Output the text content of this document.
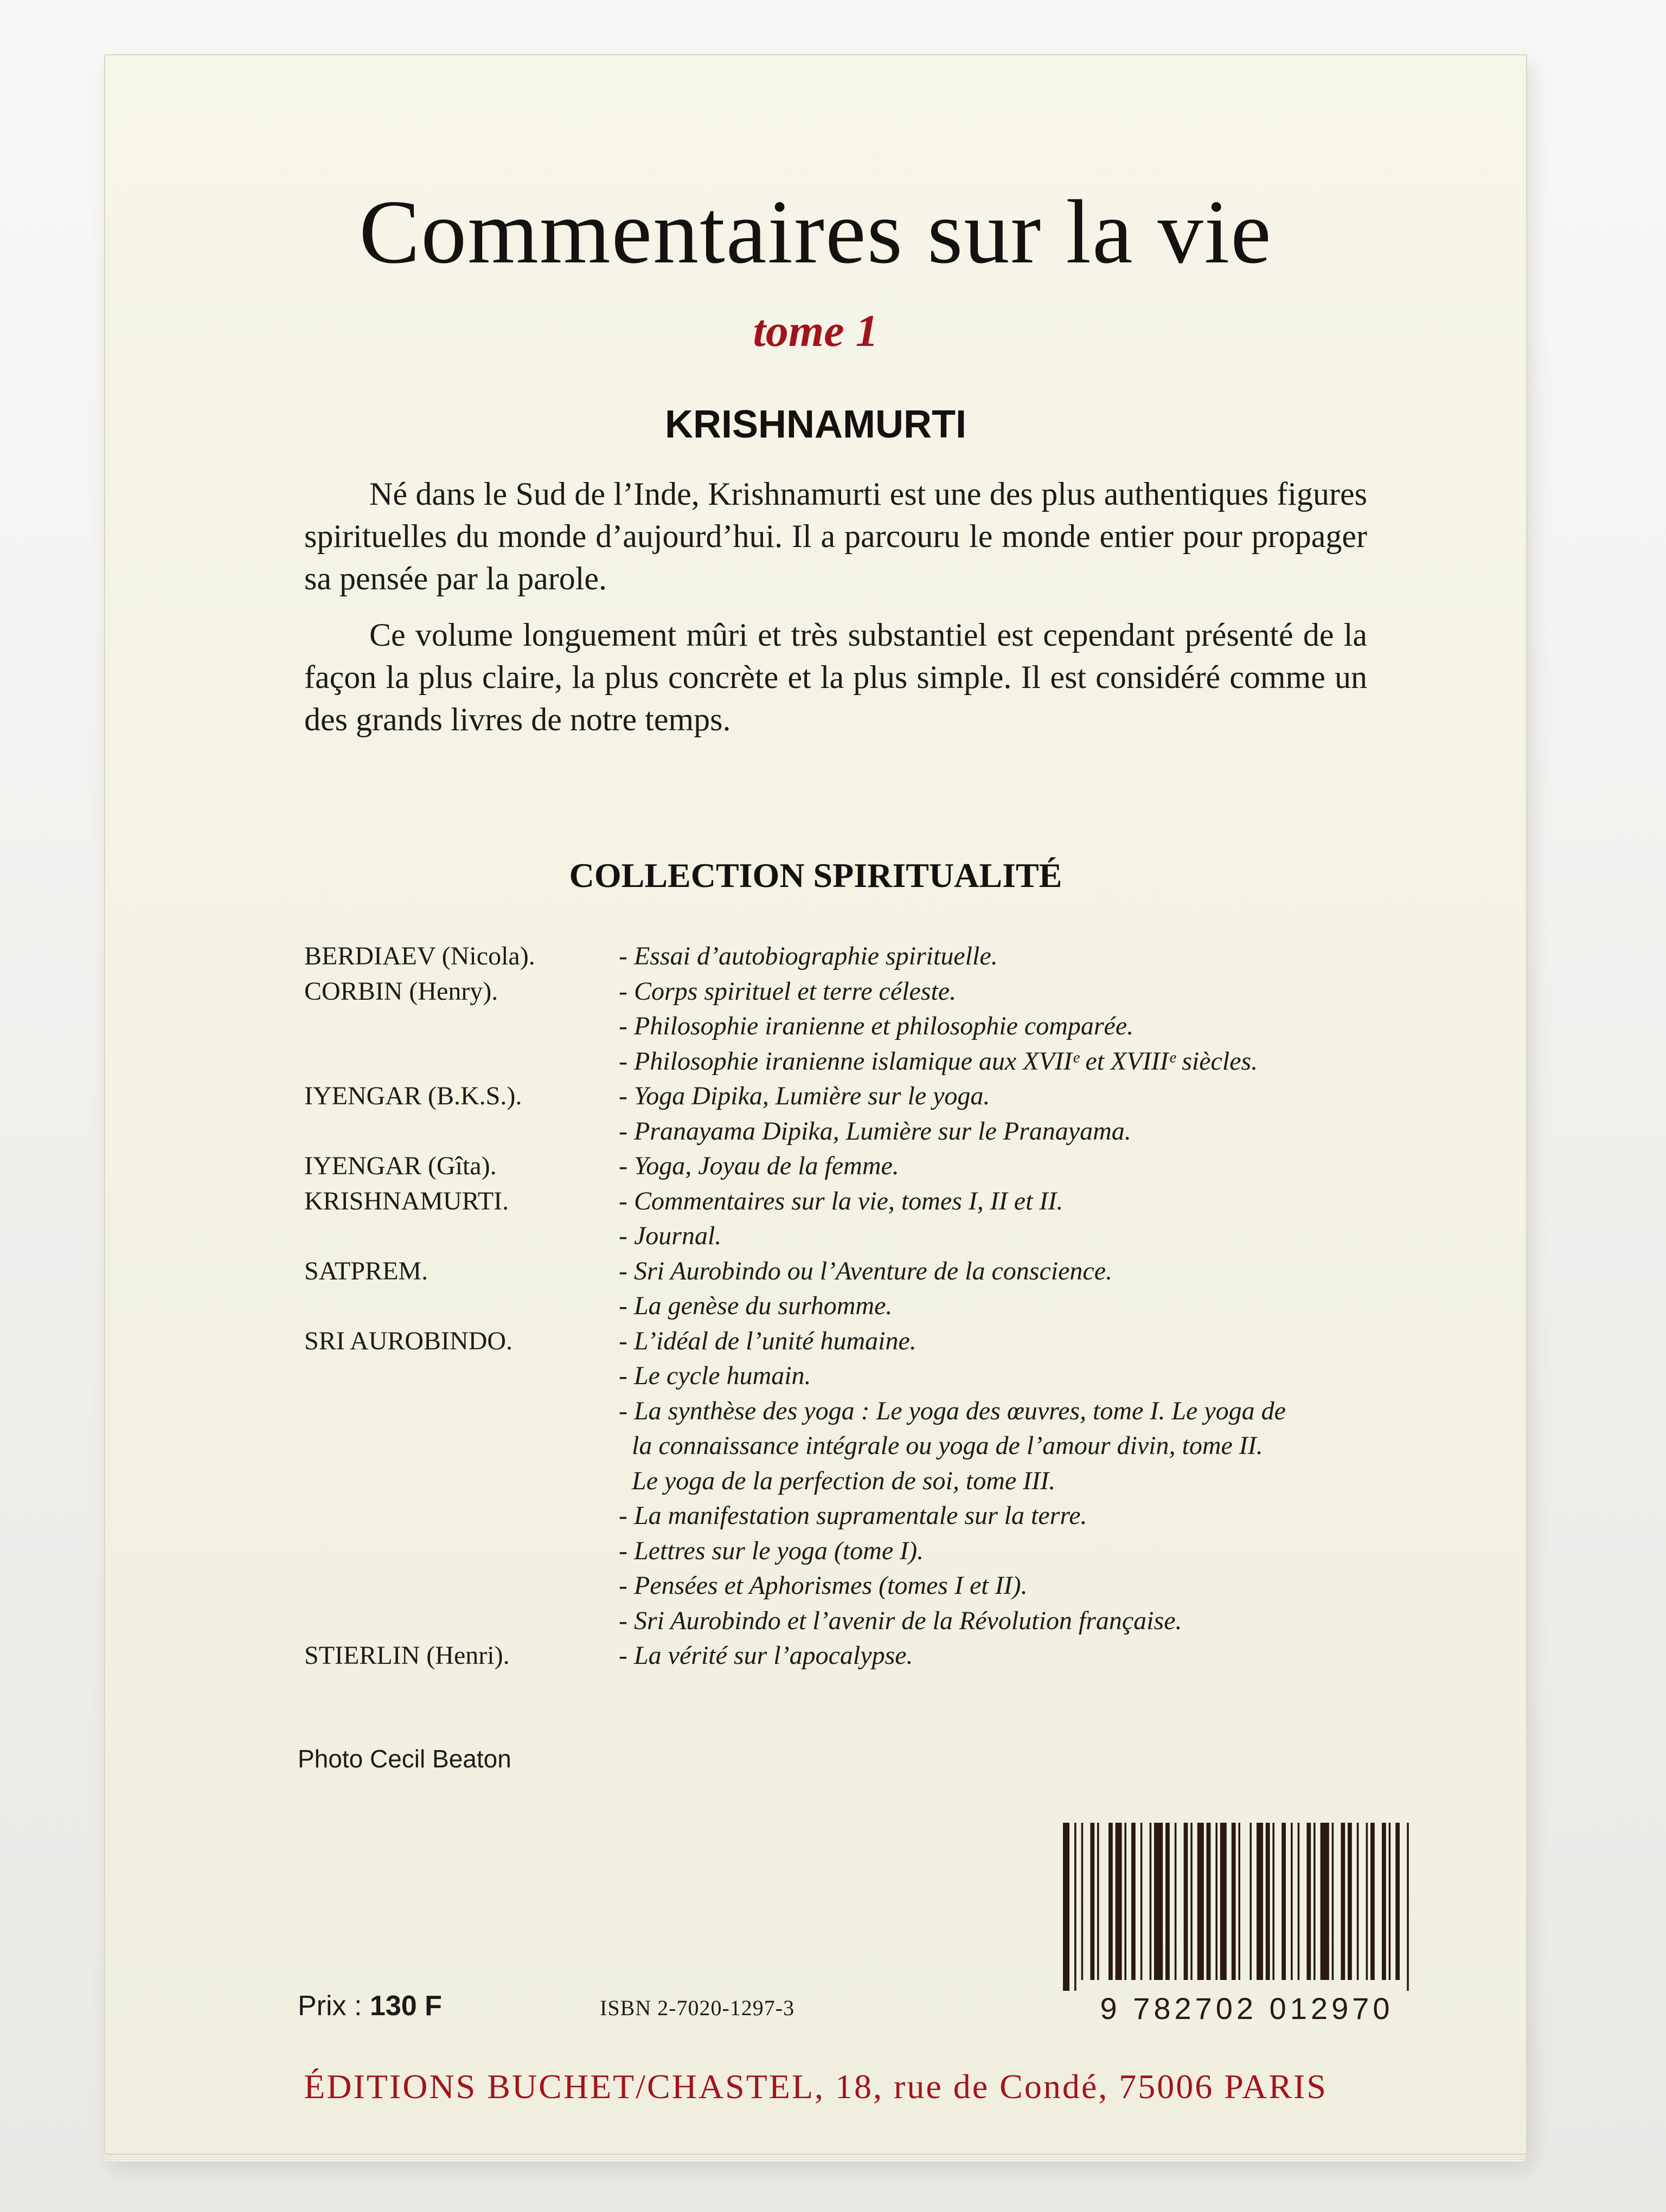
Commentaires sur la vie
tome 1
KRISHNAMURTI
Né dans le Sud de l’Inde, Krishnamurti est une des plus authentiques figures spirituelles du monde d’aujourd’hui. Il a parcouru le monde entier pour propager sa pensée par la parole.
Ce volume longuement mûri et très substantiel est cependant présenté de la façon la plus claire, la plus concrète et la plus simple. Il est considéré comme un des grands livres de notre temps.
COLLECTION SPIRITUALITÉ
BERDIAEV (Nicola).	- Essai d’autobiographie spirituelle.
CORBIN (Henry).	- Corps spirituel et terre céleste.
- Philosophie iranienne et philosophie comparée.
- Philosophie iranienne islamique aux XVIIᵉ et XVIIIᵉ siècles.
IYENGAR (B.K.S.).	- Yoga Dipika, Lumière sur le yoga.
- Pranayama Dipika, Lumière sur le Pranayama.
IYENGAR (Gîta).	- Yoga, Joyau de la femme.
KRISHNAMURTI.	- Commentaires sur la vie, tomes I, II et II.
- Journal.
SATPREM.	- Sri Aurobindo ou l’Aventure de la conscience.
- La genèse du surhomme.
SRI AUROBINDO.	- L’idéal de l’unité humaine.
- Le cycle humain.
- La synthèse des yoga : Le yoga des œuvres, tome I. Le yoga de
la connaissance intégrale ou yoga de l’amour divin, tome II.
Le yoga de la perfection de soi, tome III.
- La manifestation supramentale sur la terre.
- Lettres sur le yoga (tome I).
- Pensées et Aphorismes (tomes I et II).
- Sri Aurobindo et l’avenir de la Révolution française.
STIERLIN (Henri).	- La vérité sur l’apocalypse.
Photo Cecil Beaton
Prix : 130 F	ISBN 2-7020-1297-3	9 782702 012970
ÉDITIONS BUCHET/CHASTEL, 18, rue de Condé, 75006 PARIS
